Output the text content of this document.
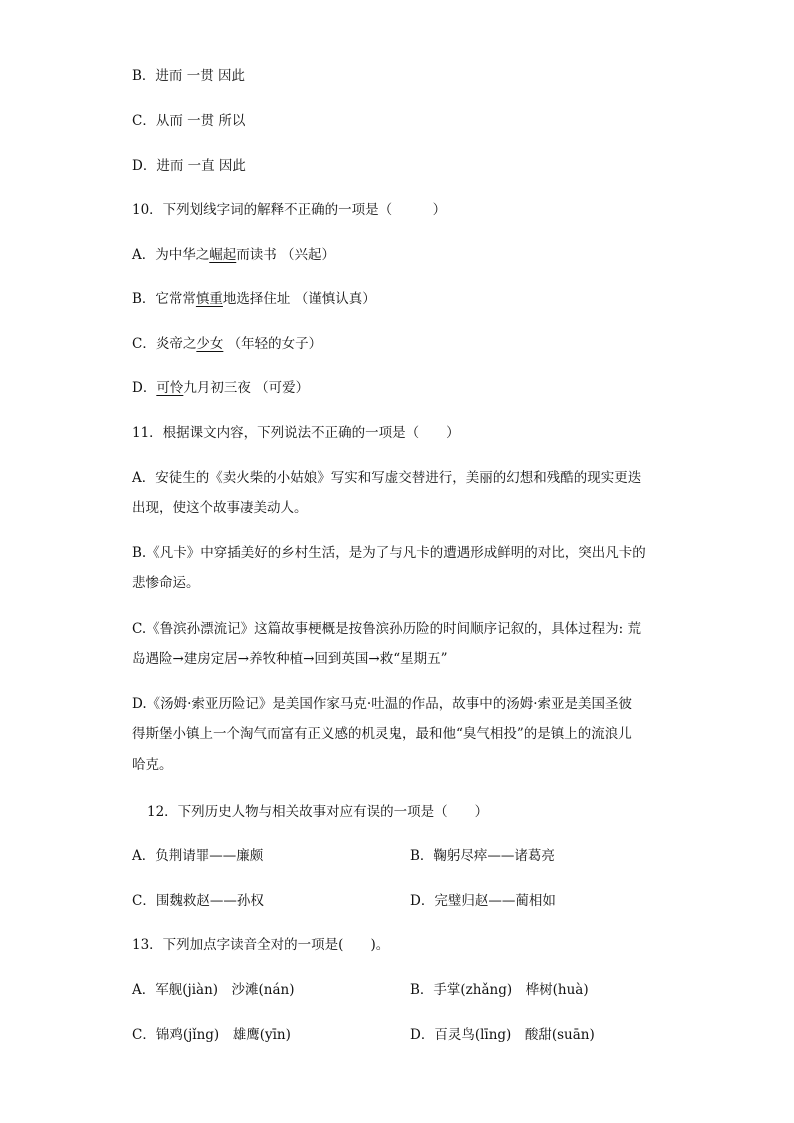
B．进而 一贯 因此
C．从而 一贯 所以
D．进而 一直 因此
10．下列划线字词的解释不正确的一项是（　　　）
A．为中华之崛起而读书 （兴起）
B．它常常慎重地选择住址 （谨慎认真）
C．炎帝之少女 （年轻的女子）
D．可怜九月初三夜 （可爱）
11．根据课文内容，下列说法不正确的一项是（　　）
A．安徒生的《卖火柴的小姑娘》写实和写虚交替进行，美丽的幻想和残酷的现实更迭
出现，使这个故事凄美动人。
B.《凡卡》中穿插美好的乡村生活，是为了与凡卡的遭遇形成鲜明的对比，突出凡卡的
悲惨命运。
C.《鲁滨孙漂流记》这篇故事梗概是按鲁滨孙历险的时间顺序记叙的，具体过程为: 荒
岛遇险→建房定居→养牧种植→回到英国→救“星期五”
D.《汤姆·索亚历险记》是美国作家马克·吐温的作品，故事中的汤姆·索亚是美国圣彼
得斯堡小镇上一个淘气而富有正义感的机灵鬼，最和他“臭气相投”的是镇上的流浪儿
哈克。
12．下列历史人物与相关故事对应有误的一项是（　　）
A．负荆请罪——廉颇	B．鞠躬尽瘁——诸葛亮
C．围魏救赵——孙权	D．完璧归赵——蔺相如
13．下列加点字读音全对的一项是(　　)。
A．军舰(jiàn)　沙滩(nán)	B．手掌(zhǎng)　桦树(huà)
C．锦鸡(jǐng)　雄鹰(yīn)	D．百灵鸟(līng)　酸甜(suān)
